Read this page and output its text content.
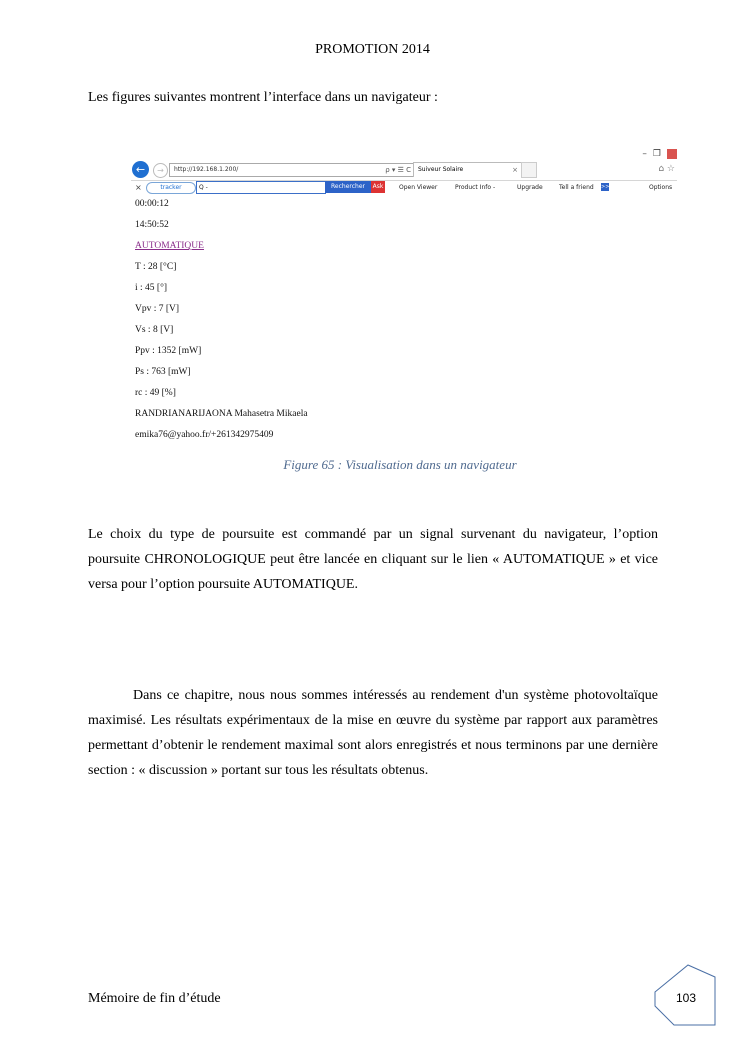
PROMOTION 2014
Les figures suivantes montrent l’interface dans un navigateur :
– ❐
←	→	http://192.168.1.200/	ρ ▾ ☰ C	Suiveur Solaire	×	⌂ ☆
×	tracker	Q -	Rechercher	Ask	Open Viewer	Product Info -	Upgrade	Tell a friend >>	Options
00:00:12
14:50:52
AUTOMATIQUE
T : 28 [°C]
i : 45 [°]
Vpv : 7 [V]
Vs : 8 [V]
Ppv : 1352 [mW]
Ps : 763 [mW]
rc : 49 [%]
RANDRIANARIJAONA Mahasetra Mikaela
emika76@yahoo.fr/+261342975409
Figure 65 : Visualisation dans un navigateur
Le choix du type de poursuite est commandé par un signal survenant du navigateur, l’option poursuite CHRONOLOGIQUE peut être lancée en cliquant sur le lien « AUTOMATIQUE » et vice versa pour l’option poursuite AUTOMATIQUE.
Dans ce chapitre, nous nous sommes intéressés au rendement d'un système photovoltaïque maximisé. Les résultats expérimentaux de la mise en œuvre du système par rapport aux paramètres permettant d’obtenir le rendement maximal sont alors enregistrés et nous terminons par une dernière section : « discussion » portant sur tous les résultats obtenus.
Mémoire de fin d’étude	103
